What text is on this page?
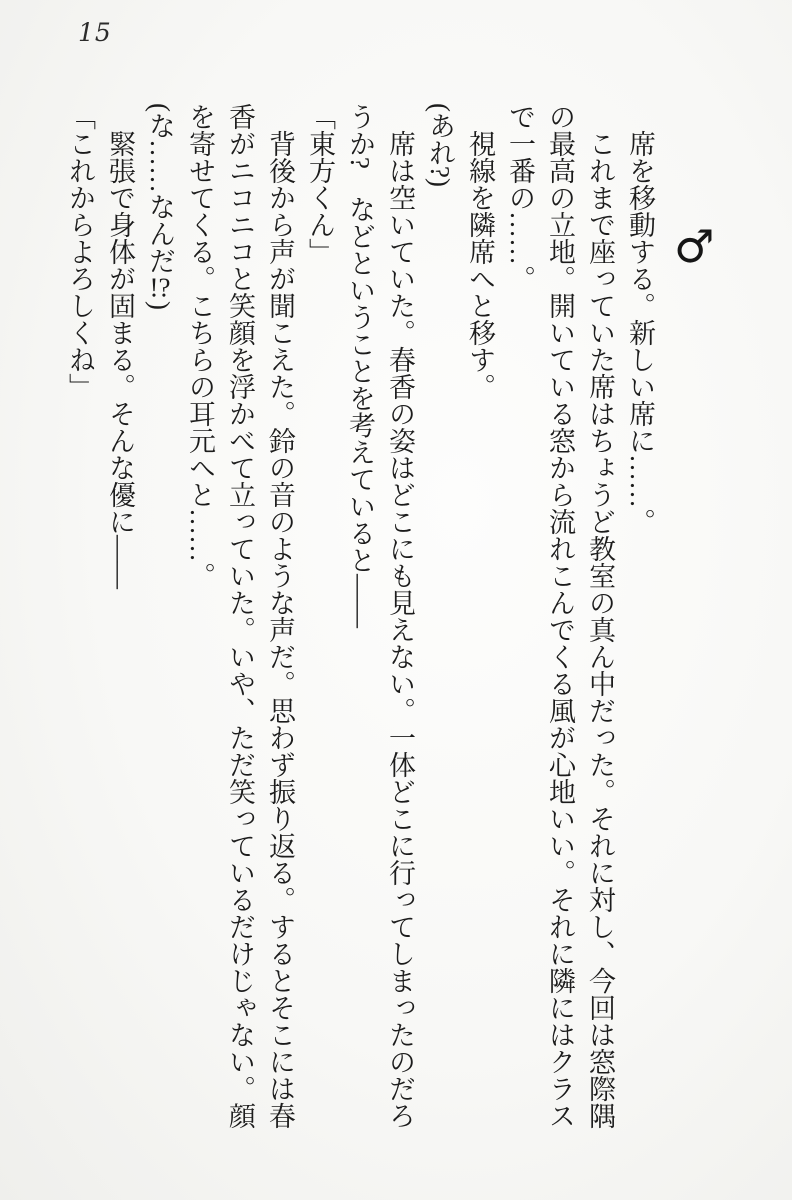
15
♂

席を移動する。新しい席に……。

これまで座っていた席はちょうど教室の真ん中だった。それに対し、今回は窓際隅の最高の立地。開いている窓から流れこんでくる風が心地いい。それに隣にはクラスで一番の……。

視線を隣席へと移す。

(あれ?)

席は空いていた。春香の姿はどこにも見えない。一体どこに行ってしまったのだろうか?　などということを考えていると——

「東方くん」

背後から声が聞こえた。鈴の音のような声だ。思わず振り返る。するとそこには春香がニコニコと笑顔を浮かべて立っていた。いや、ただ笑っているだけじゃない。顔を寄せてくる。こちらの耳元へと……。

(な……なんだ!?)

緊張で身体が固まる。そんな優に——

「これからよろしくね」
